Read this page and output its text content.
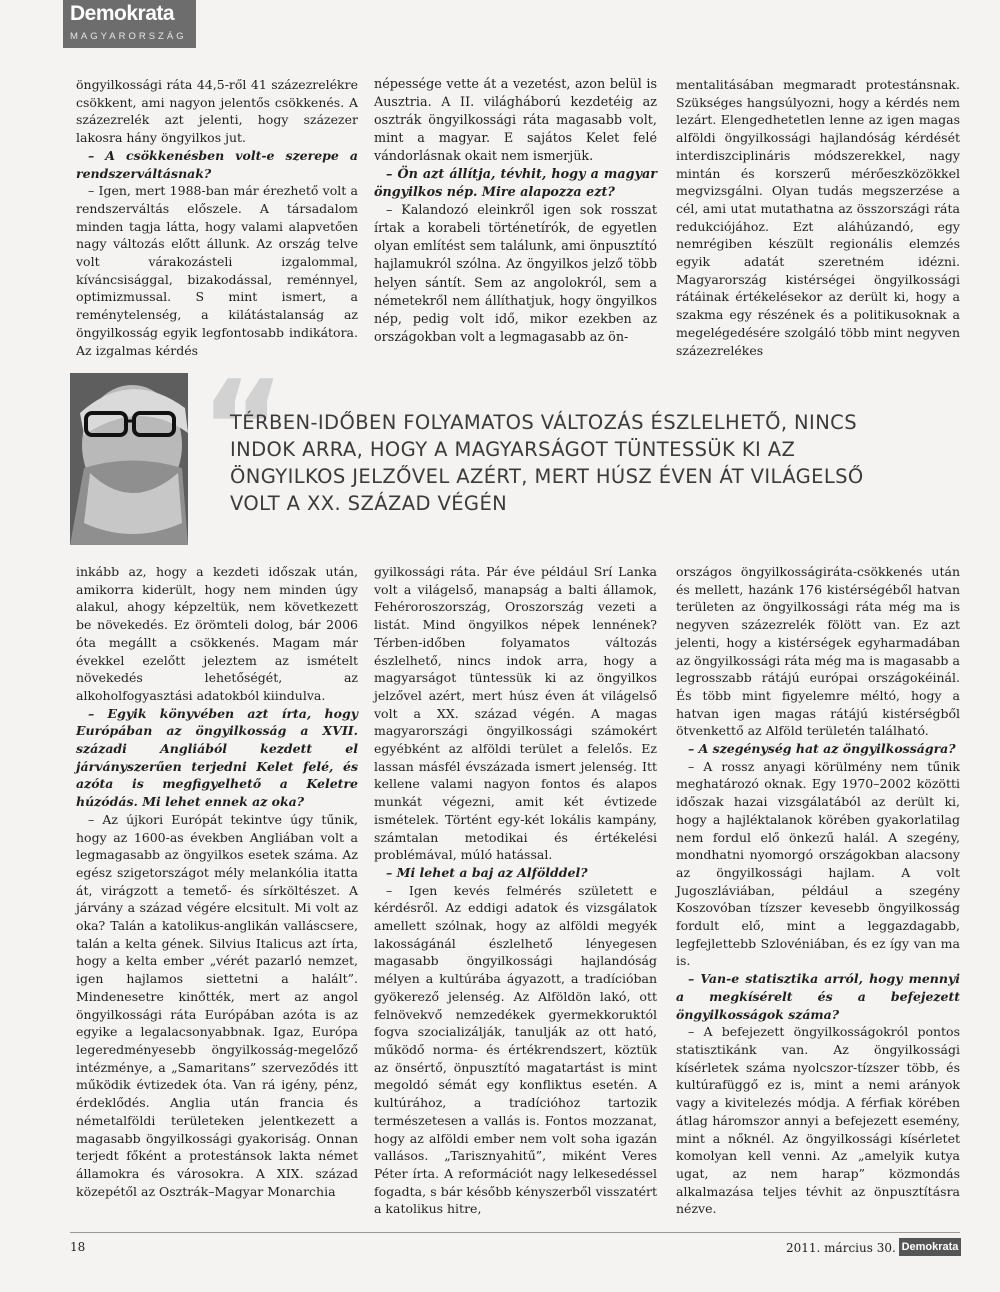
Demokrata
MAGYARORSZÁG

öngyilkossági ráta 44,5-ről 41 százezrelékre csökkent, ami nagyon jelentős csökkenés. A százezrelék azt jelenti, hogy százezer lakosra hány öngyilkos jut.

– A csökkenésben volt-e szerepe a rendszerváltásnak?

– Igen, mert 1988-ban már érezhető volt a rendszerváltás előszele. A társadalom minden tagja látta, hogy valami alapvetően nagy változás előtt állunk. Az ország telve volt várakozásteli izgalommal, kíváncsisággal, bizakodással, reménnyel, optimizmussal. S mint ismert, a reménytelenség, a kilátástalanság az öngyilkosság egyik legfontosabb indikátora. Az izgalmas kérdés

népessége vette át a vezetést, azon belül is Ausztria. A II. világháború kezdetéig az osztrák öngyilkossági ráta magasabb volt, mint a magyar. E sajátos Kelet felé vándorlásnak okait nem ismerjük.

– Ön azt állítja, tévhit, hogy a magyar öngyilkos nép. Mire alapozza ezt?

– Kalandozó eleinkről igen sok rosszat írtak a korabeli történetírók, de egyetlen olyan említést sem találunk, ami önpusztító hajlamukról szólna. Az öngyilkos jelző több helyen sántít. Sem az angolokról, sem a németekről nem állíthatjuk, hogy öngyilkos nép, pedig volt idő, mikor ezekben az országokban volt a legmagasabb az ön-

mentalitásában megmaradt protestánsnak. Szükséges hangsúlyozni, hogy a kérdés nem lezárt. Elengedhetetlen lenne az igen magas alföldi öngyilkossági hajlandóság kérdését interdiszciplináris módszerekkel, nagy mintán és korszerű mérőeszközökkel megvizsgálni. Olyan tudás megszerzése a cél, ami utat mutathatna az összországi ráta redukciójához. Ezt aláhúzandó, egy nemrégiben készült regionális elemzés egyik adatát szeretném idézni. Magyarország kistérségei öngyilkossági rátáinak értékelésekor az derült ki, hogy a szakma egy részének és a politikusoknak a megelégedésére szolgáló több mint negyven százezrelékes

“
TÉRBEN-IDŐBEN FOLYAMATOS VÁLTOZÁS ÉSZLELHETŐ, NINCS INDOK ARRA, HOGY A MAGYARSÁGOT TÜNTESSÜK KI AZ ÖNGYILKOS JELZŐVEL AZÉRT, MERT HÚSZ ÉVEN ÁT VILÁGELSŐ VOLT A XX. SZÁZAD VÉGÉN

inkább az, hogy a kezdeti időszak után, amikorra kiderült, hogy nem minden úgy alakul, ahogy képzeltük, nem következett be növekedés. Ez örömteli dolog, bár 2006 óta megállt a csökkenés. Magam már évekkel ezelőtt jeleztem az ismételt növekedés lehetőségét, az alkoholfogyasztási adatokból kiindulva.

– Egyik könyvében azt írta, hogy Európában az öngyilkosság a XVII. századi Angliából kezdett el járványszerűen terjedni Kelet felé, és azóta is megfigyelhető a Keletre húzódás. Mi lehet ennek az oka?

– Az újkori Európát tekintve úgy tűnik, hogy az 1600-as években Angliában volt a legmagasabb az öngyilkos esetek száma. Az egész szigetországot mély melankólia itatta át, virágzott a temető- és sírköltészet. A járvány a század végére elcsitult. Mi volt az oka? Talán a katolikus-anglikán valláscsere, talán a kelta gének. Silvius Italicus azt írta, hogy a kelta ember „vérét pazarló nemzet, igen hajlamos siettetni a halált”. Mindenesetre kinőtték, mert az angol öngyilkossági ráta Európában azóta is az egyike a legalacsonyabbnak. Igaz, Európa legeredményesebb öngyilkosság-megelőző intézménye, a „Samaritans” szerveződés itt működik évtizedek óta. Van rá igény, pénz, érdeklődés. Anglia után francia és németalföldi területeken jelentkezett a magasabb öngyilkossági gyakoriság. Onnan terjedt főként a protestánsok lakta német államokra és városokra. A XIX. század közepétől az Osztrák–Magyar Monarchia

gyilkossági ráta. Pár éve például Srí Lanka volt a világelső, manapság a balti államok, Fehéroroszország, Oroszország vezeti a listát. Mind öngyilkos népek lennének? Térben-időben folyamatos változás észlelhető, nincs indok arra, hogy a magyarságot tüntessük ki az öngyilkos jelzővel azért, mert húsz éven át világelső volt a XX. század végén. A magas magyarországi öngyilkossági számokért egyébként az alföldi terület a felelős. Ez lassan másfél évszázada ismert jelenség. Itt kellene valami nagyon fontos és alapos munkát végezni, amit két évtizede ismételek. Történt egy-két lokális kampány, számtalan metodikai és értékelési problémával, múló hatással.

– Mi lehet a baj az Alfölddel?

– Igen kevés felmérés született e kérdésről. Az eddigi adatok és vizsgálatok amellett szólnak, hogy az alföldi megyék lakosságánál észlelhető lényegesen magasabb öngyilkossági hajlandóság mélyen a kultúrába ágyazott, a tradícióban gyökerező jelenség. Az Alföldön lakó, ott felnövekvő nemzedékek gyermekkoruktól fogva szocializálják, tanulják az ott ható, működő norma- és értékrendszert, köztük az önsértő, önpusztító magatartást is mint megoldó sémát egy konfliktus esetén. A kultúrához, a tradícióhoz tartozik természetesen a vallás is. Fontos mozzanat, hogy az alföldi ember nem volt soha igazán vallásos. „Tarisznyahitű”, miként Veres Péter írta. A reformációt nagy lelkesedéssel fogadta, s bár később kényszerből visszatért a katolikus hitre,

országos öngyilkosságiráta-csökkenés után és mellett, hazánk 176 kistérségéből hatvan területen az öngyilkossági ráta még ma is negyven százezrelék fölött van. Ez azt jelenti, hogy a kistérségek egyharmadában az öngyilkossági ráta még ma is magasabb a legrosszabb rátájú európai országokéinál. És több mint figyelemre méltó, hogy a hatvan igen magas rátájú kistérségből ötvenkettő az Alföld területén található.

– A szegénység hat az öngyilkosságra?

– A rossz anyagi körülmény nem tűnik meghatározó oknak. Egy 1970–2002 közötti időszak hazai vizsgálatából az derült ki, hogy a hajléktalanok körében gyakorlatilag nem fordul elő önkezű halál. A szegény, mondhatni nyomorgó országokban alacsony az öngyilkossági hajlam. A volt Jugoszláviában, például a szegény Koszovóban tízszer kevesebb öngyilkosság fordult elő, mint a leggazdagabb, legfejlettebb Szlovéniában, és ez így van ma is.

– Van-e statisztika arról, hogy mennyi a megkísérelt és a befejezett öngyilkosságok száma?

– A befejezett öngyilkosságokról pontos statisztikánk van. Az öngyilkossági kísérletek száma nyolcszor-tízszer több, és kultúrafüggő ez is, mint a nemi arányok vagy a kivitelezés módja. A férfiak körében átlag háromszor annyi a befejezett esemény, mint a nőknél. Az öngyilkossági kísérletet komolyan kell venni. Az „amelyik kutya ugat, az nem harap” közmondás alkalmazása teljes tévhit az önpusztításra nézve.

18	2011. március 30. Demokrata
